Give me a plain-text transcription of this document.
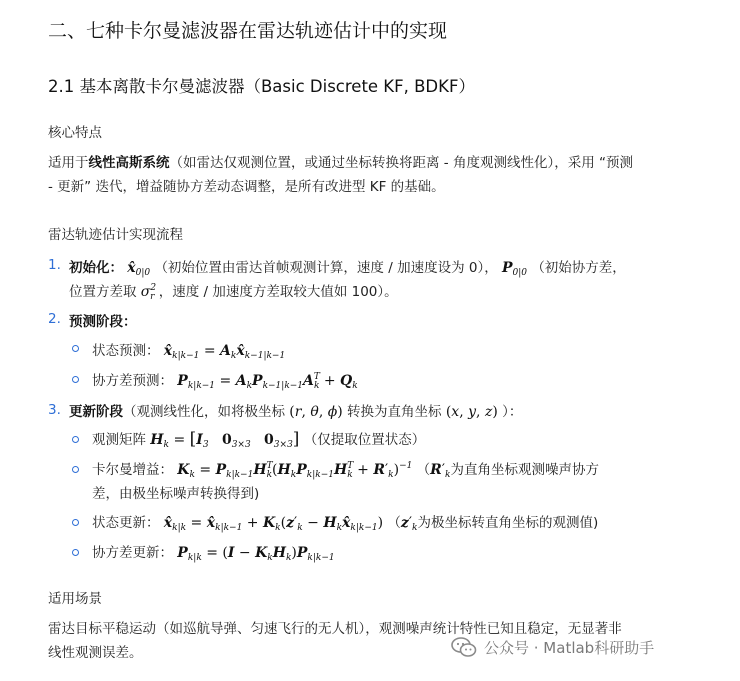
二、七种卡尔曼滤波器在雷达轨迹估计中的实现
2.1 基本离散卡尔曼滤波器（Basic Discrete KF, BDKF）
核心特点
适用于线性高斯系统（如雷达仅观测位置，或通过坐标转换将距离 - 角度观测线性化），采用 “预测
- 更新” 迭代，增益随协方差动态调整，是所有改进型 KF 的基础。
雷达轨迹估计实现流程
1. 初始化： $x̂_{0|0}$ （初始位置由雷达首帧观测计算，速度 / 加速度设为 0）， $P_{0|0}$ （初始协方差，
位置方差取 $\sigma^2_r$ ，速度 / 加速度方差取较大值如 100）。
2. 预测阶段：
状态预测： $x̂_{k|k-1}$ = $A_kx̂_{k-1|k-1}$
协方差预测： $P_{k|k-1} = A_kP_{k-1|k-1}A^T_k + Q_k$
3. 更新阶段（观测线性化，如将极坐标 (r, θ, ϕ) 转换为直角坐标 (x, y, z) ）：
观测矩阵 $H_k = [I_3$ $0_{3\times 3}$ $0_{3\times 3}$] （仅提取位置状态）
卡尔曼增益： $K_k = P_{k|k-1}H^T_k(H_kP_{k|k-1}H^T_k + R'_k)^{-1}$ （$R'_k$为直角坐标观测噪声协方
差，由极坐标噪声转换得到)
状态更新： $x̂_{k|k}$ = $x̂_{k|k-1} + K_k(z'_k$ − $H_kx̂_{k|k-1}$) （$z'_k$为极坐标转直角坐标的观测值)
协方差更新： $P_{k|k} = (I - K_kH_k)P_{k|k-1}$
适用场景
雷达目标平稳运动（如巡航导弹、匀速飞行的无人机），观测噪声统计特性已知且稳定，无显著非
线性观测误差。	公众号 · Matlab科研助手
